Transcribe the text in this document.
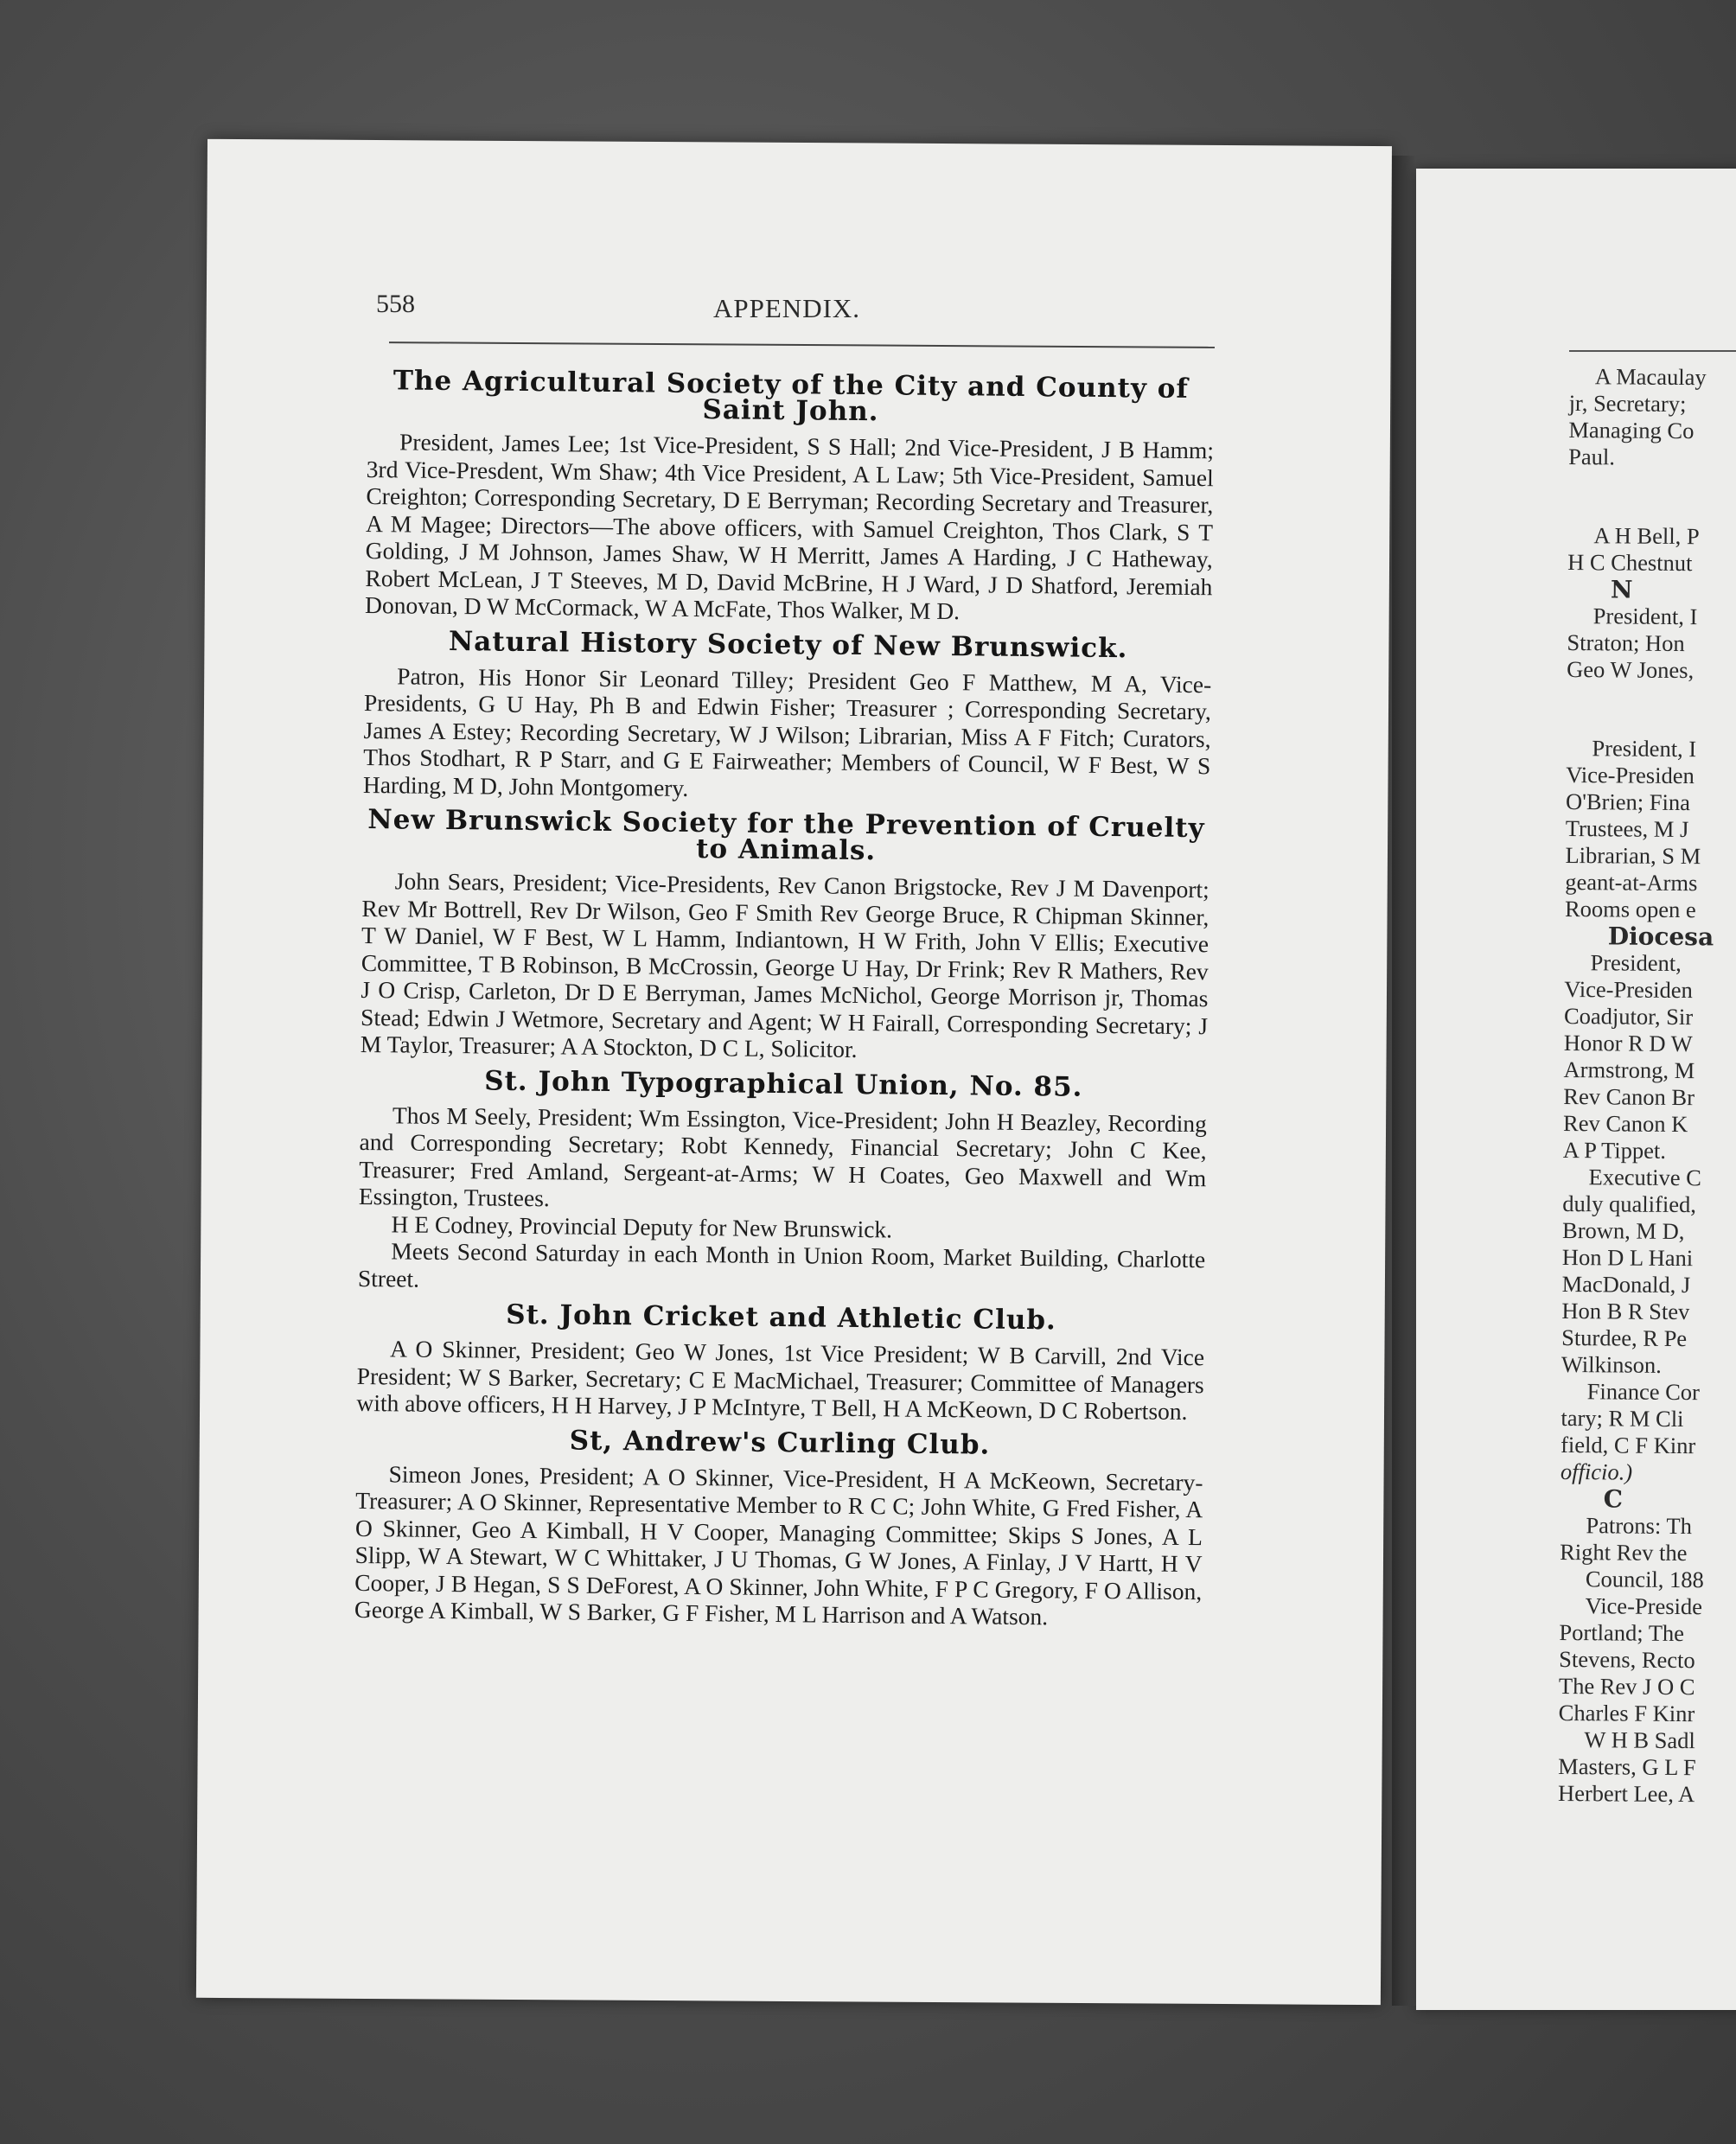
558	APPENDIX.
The Agricultural Society of the City and County of Saint John.

President, James Lee; 1st Vice-President, S S Hall; 2nd Vice-President, J B Hamm; 3rd Vice-Presdent, Wm Shaw; 4th Vice President, A L Law; 5th Vice-President, Samuel Creighton; Corresponding Secretary, D E Berryman; Recording Secretary and Treasurer, A M Magee; Directors—The above officers, with Samuel Creighton, Thos Clark, S T Golding, J M Johnson, James Shaw, W H Merritt, James A Harding, J C Hatheway, Robert McLean, J T Steeves, M D, David McBrine, H J Ward, J D Shatford, Jeremiah Donovan, D W McCormack, W A McFate, Thos Walker, M D.

Natural History Society of New Brunswick.

Patron, His Honor Sir Leonard Tilley; President Geo F Matthew, M A, Vice-Presidents, G U Hay, Ph B and Edwin Fisher; Treasurer ; Corresponding Secretary, James A Estey; Recording Secretary, W J Wilson; Librarian, Miss A F Fitch; Curators, Thos Stodhart, R P Starr, and G E Fairweather; Members of Council, W F Best, W S Harding, M D, John Montgomery.

New Brunswick Society for the Prevention of Cruelty to Animals.

John Sears, President; Vice-Presidents, Rev Canon Brigstocke, Rev J M Davenport; Rev Mr Bottrell, Rev Dr Wilson, Geo F Smith Rev George Bruce, R Chipman Skinner, T W Daniel, W F Best, W L Hamm, Indiantown, H W Frith, John V Ellis; Executive Committee, T B Robinson, B McCrossin, George U Hay, Dr Frink; Rev R Mathers, Rev J O Crisp, Carleton, Dr D E Berryman, James McNichol, George Morrison jr, Thomas Stead; Edwin J Wetmore, Secretary and Agent; W H Fairall, Corresponding Secretary; J M Taylor, Treasurer; A A Stockton, D C L, Solicitor.

St. John Typographical Union, No. 85.

Thos M Seely, President; Wm Essington, Vice-President; John H Beazley, Recording and Corresponding Secretary; Robt Kennedy, Financial Secretary; John C Kee, Treasurer; Fred Amland, Sergeant-at-Arms; W H Coates, Geo Maxwell and Wm Essington, Trustees.

H E Codney, Provincial Deputy for New Brunswick.

Meets Second Saturday in each Month in Union Room, Market Building, Charlotte Street.

St. John Cricket and Athletic Club.

A O Skinner, President; Geo W Jones, 1st Vice President; W B Carvill, 2nd Vice President; W S Barker, Secretary; C E MacMichael, Treasurer; Committee of Managers with above officers, H H Harvey, J P McIntyre, T Bell, H A McKeown, D C Robertson.

St, Andrew's Curling Club.

Simeon Jones, President; A O Skinner, Vice-President, H A McKeown, Secretary-Treasurer; A O Skinner, Representative Member to R C C; John White, G Fred Fisher, A O Skinner, Geo A Kimball, H V Cooper, Managing Committee; Skips S Jones, A L Slipp, W A Stewart, W C Whittaker, J U Thomas, G W Jones, A Finlay, J V Hartt, H V Cooper, J B Hegan, S S DeForest, A O Skinner, John White, F P C Gregory, F O Allison, George A Kimball, W S Barker, G F Fisher, M L Harrison and A Watson.

A Macaulay
jr, Secretary;
Managing Co
Paul.
A H Bell, P
H C Chestnut
N
President, I
Straton; Hon
Geo W Jones,
President, I
Vice-Presiden
O'Brien; Fina
Trustees, M J
Librarian, S M
geant-at-Arms
Rooms open e
Diocesa
President,
Vice-Presiden
Coadjutor, Sir
Honor R D W
Armstrong, M
Rev Canon Br
Rev Canon K
A P Tippet.
Executive C
duly qualified,
Brown, M D,
Hon D L Hani
MacDonald, J
Hon B R Stev
Sturdee, R Pe
Wilkinson.
Finance Cor
tary; R M Cli
field, C F Kinr
officio.)
C
Patrons: Th
Right Rev the
Council, 188
Vice-Preside
Portland; The
Stevens, Recto
The Rev J O C
Charles F Kinr
W H B Sadl
Masters, G L F
Herbert Lee, A
